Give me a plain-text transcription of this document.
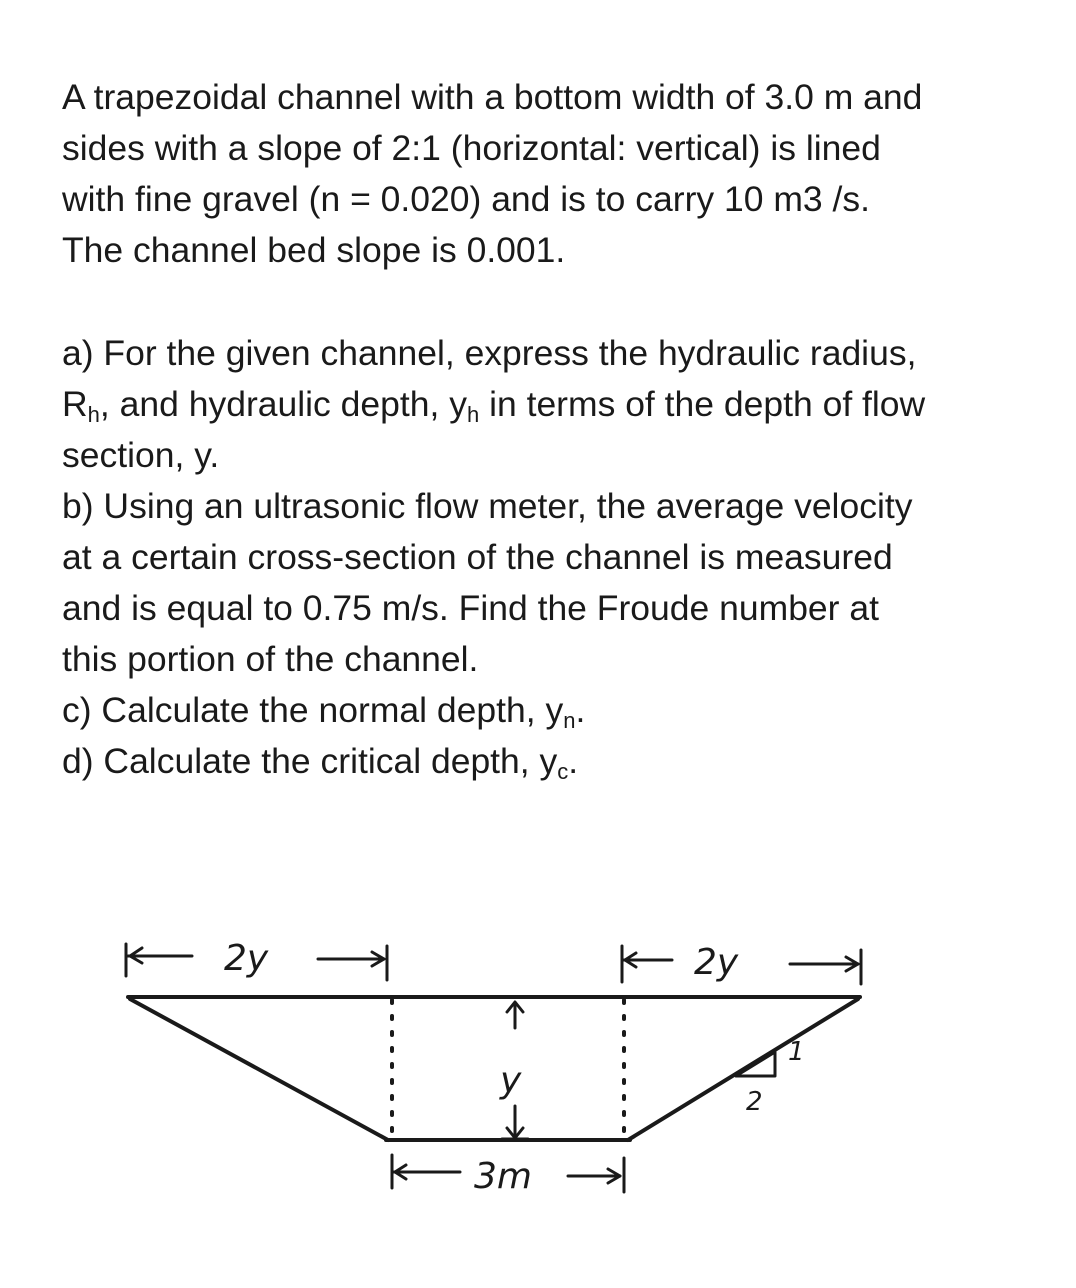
A trapezoidal channel with a bottom width of 3.0 m and
sides with a slope of 2:1 (horizontal: vertical) is lined
with fine gravel (n = 0.020) and is to carry 10 m3 /s.
The channel bed slope is 0.001.
a) For the given channel, express the hydraulic radius,
$R_h$, and hydraulic depth, $y_h$ in terms of the depth of flow
section, y.
b) Using an ultrasonic flow meter, the average velocity
at a certain cross-section of the channel is measured
and is equal to 0.75 m/s. Find the Froude number at
this portion of the channel.
c) Calculate the normal depth, $y_n$.
d) Calculate the critical depth, $y_c$.
2y	2y
y
3m
1
2
